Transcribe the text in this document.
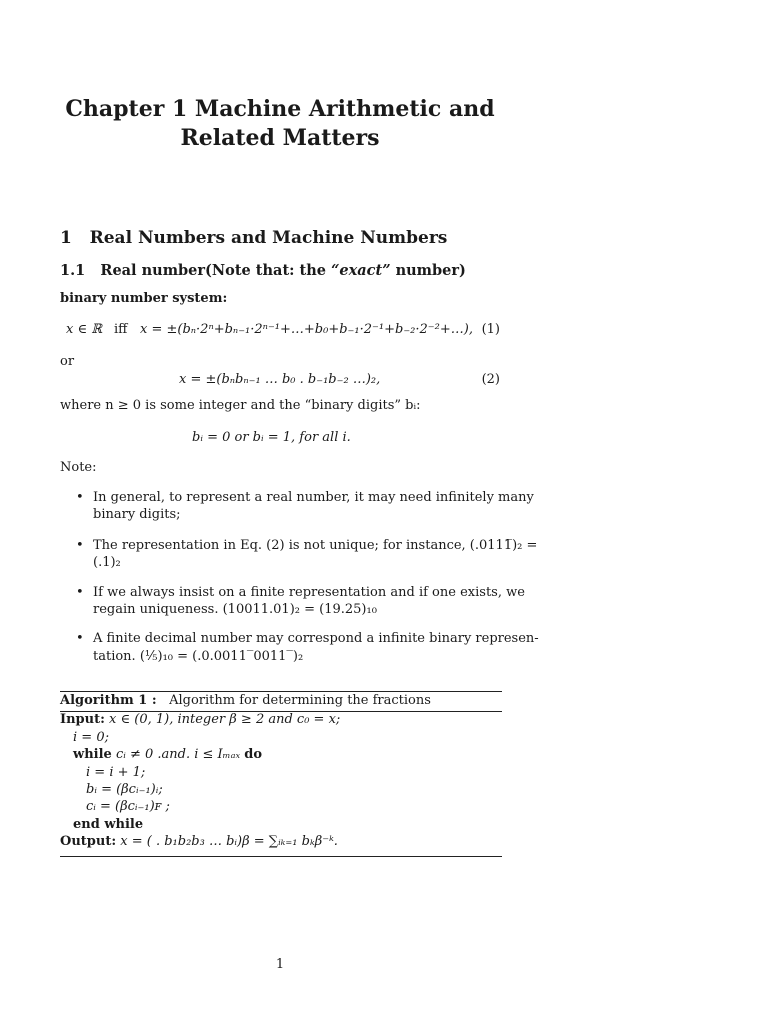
Chapter 1 Machine Arithmetic and
Related Matters
1 Real Numbers and Machine Numbers
1.1 Real number(Note that: the “exact” number)
binary number system:
x ∈ ℝ iff x = ±(bₙ·2ⁿ+bₙ₋₁·2ⁿ⁻¹+…+b₀+b₋₁·2⁻¹+b₋₂·2⁻²+…), (1)
or
x = ±(bₙbₙ₋₁ … b₀ . b₋₁b₋₂ …)₂,	(2)
where n ≥ 0 is some integer and the “binary digits” bᵢ:
bᵢ = 0 or bᵢ = 1, for all i.
Note:
• In general, to represent a real number, it may need infinitely many
binary digits;
• The representation in Eq. (2) is not unique; for instance, (.0111̅)₂ =
(.1)₂
• If we always insist on a finite representation and if one exists, we
regain uniqueness. (10011.01)₂ = (19.25)₁₀
• A finite decimal number may correspond a infinite binary represen-
tation. (⅕)₁₀ = (.0.0011‾0011‾)₂
Algorithm 1 : Algorithm for determining the fractions
Input: x ∈ (0, 1), integer β ≥ 2 and c₀ = x;
i = 0;
while cᵢ ≠ 0 .and. i ≤ Iₘₐₓ do
i = i + 1;
bᵢ = (βcᵢ₋₁)ᵢ;
cᵢ = (βcᵢ₋₁)ꜰ ;
end while
Output: x = ( . b₁b₂b₃ … bᵢ)β = ∑ᵢₖ₌₁ bₖβ⁻ᵏ.
1
